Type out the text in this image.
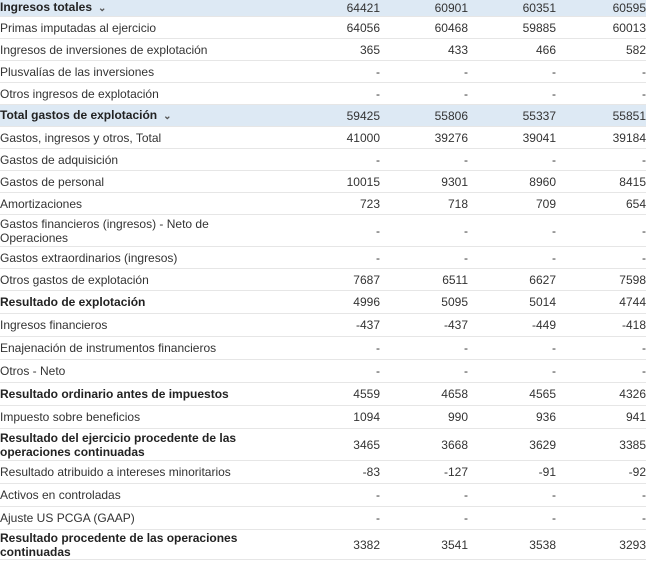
Ingresos totales ⌄	64421	60901	60351	60595
Primas imputadas al ejercicio	64056	60468	59885	60013
Ingresos de inversiones de explotación	365	433	466	582
Plusvalías de las inversiones	-	-	-	-
Otros ingresos de explotación	-	-	-	-
Total gastos de explotación ⌄	59425	55806	55337	55851
Gastos, ingresos y otros, Total	41000	39276	39041	39184
Gastos de adquisición	-	-	-	-
Gastos de personal	10015	9301	8960	8415
Amortizaciones	723	718	709	654
Gastos financieros (ingresos) - Neto de Operaciones	-	-	-	-
Gastos extraordinarios (ingresos)	-	-	-	-
Otros gastos de explotación	7687	6511	6627	7598
Resultado de explotación	4996	5095	5014	4744
Ingresos financieros	-437	-437	-449	-418
Enajenación de instrumentos financieros	-	-	-	-
Otros - Neto	-	-	-	-
Resultado ordinario antes de impuestos	4559	4658	4565	4326
Impuesto sobre beneficios	1094	990	936	941
Resultado del ejercicio procedente de las operaciones continuadas	3465	3668	3629	3385
Resultado atribuido a intereses minoritarios	-83	-127	-91	-92
Activos en controladas	-	-	-	-
Ajuste US PCGA (GAAP)	-	-	-	-
Resultado procedente de las operaciones continuadas	3382	3541	3538	3293
